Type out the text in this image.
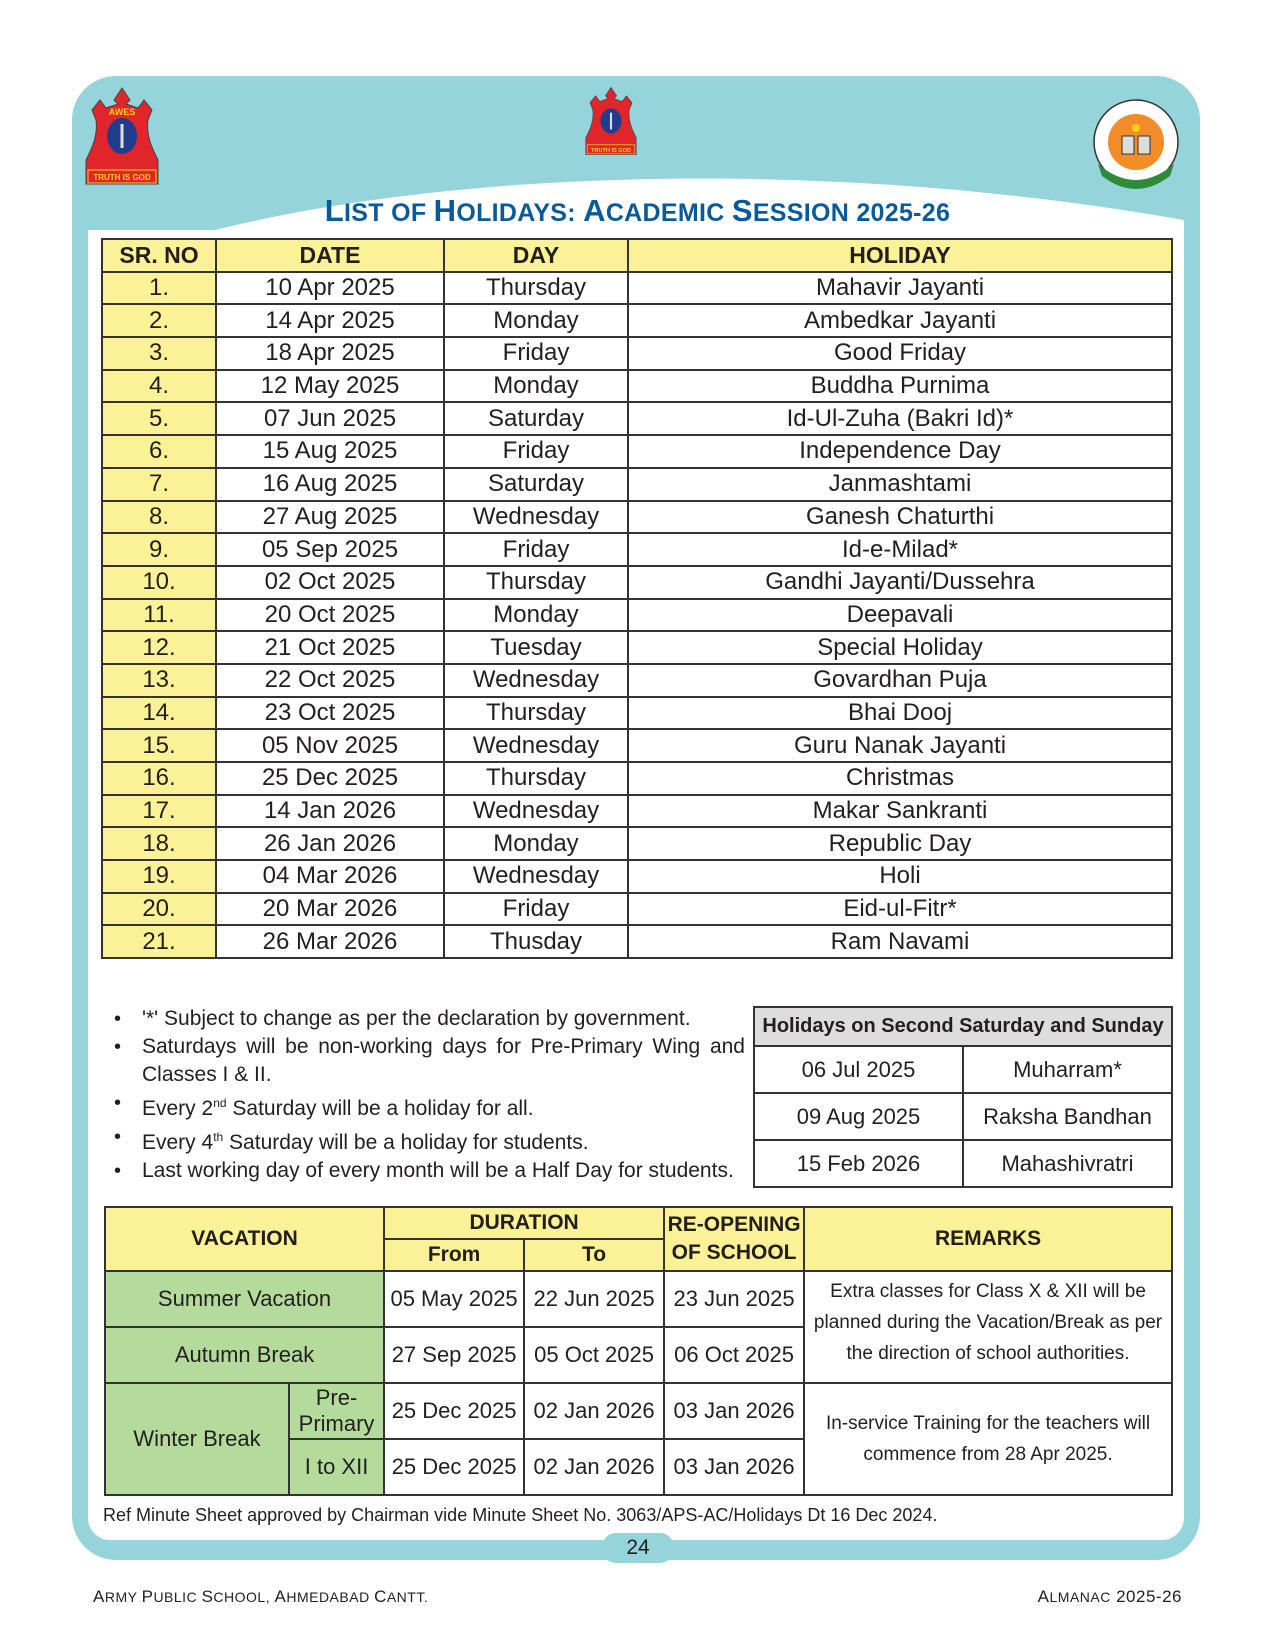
TRUTH IS GOD
AWES
TRUTH IS GOD
LIST OF HOLIDAYS: ACADEMIC SESSION 2025-26
SR. NO	DATE	DAY	HOLIDAY
1.	10 Apr 2025	Thursday	Mahavir Jayanti
2.	14 Apr 2025	Monday	Ambedkar Jayanti
3.	18 Apr 2025	Friday	Good Friday
4.	12 May 2025	Monday	Buddha Purnima
5.	07 Jun 2025	Saturday	Id-Ul-Zuha (Bakri Id)*
6.	15 Aug 2025	Friday	Independence Day
7.	16 Aug 2025	Saturday	Janmashtami
8.	27 Aug 2025	Wednesday	Ganesh Chaturthi
9.	05 Sep 2025	Friday	Id-e-Milad*
10.	02 Oct 2025	Thursday	Gandhi Jayanti/Dussehra
11.	20 Oct 2025	Monday	Deepavali
12.	21 Oct 2025	Tuesday	Special Holiday
13.	22 Oct 2025	Wednesday	Govardhan Puja
14.	23 Oct 2025	Thursday	Bhai Dooj
15.	05 Nov 2025	Wednesday	Guru Nanak Jayanti
16.	25 Dec 2025	Thursday	Christmas
17.	14 Jan 2026	Wednesday	Makar Sankranti
18.	26 Jan 2026	Monday	Republic Day
19.	04 Mar 2026	Wednesday	Holi
20.	20 Mar 2026	Friday	Eid-ul-Fitr*
21.	26 Mar 2026	Thusday	Ram Navami
• '*' Subject to change as per the declaration by government.
• Saturdays will be non-working days for Pre-Primary Wing and Classes I & II.
• Every 2nd Saturday will be a holiday for all.
• Every 4th Saturday will be a holiday for students.
• Last working day of every month will be a Half Day for students.
Holidays on Second Saturday and Sunday	
06 Jul 2025	Muharram*
09 Aug 2025	Raksha Bandhan
15 Feb 2026	Mahashivratri
VACATION		DURATION		RE-OPENING OF SCHOOL	REMARKS
		From	To		
Summer Vacation		05 May 2025	22 Jun 2025	23 Jun 2025	Extra classes for Class X & XII will be planned during the Vacation/Break as per the direction of school authorities.
Autumn Break		27 Sep 2025	05 Oct 2025	06 Oct 2025	
Winter Break	Pre-Primary	25 Dec 2025	02 Jan 2026	03 Jan 2026	In-service Training for the teachers will commence from 28 Apr 2025.
	I to XII	25 Dec 2025	02 Jan 2026	03 Jan 2026	
Ref Minute Sheet approved by Chairman vide Minute Sheet No. 3063/APS-AC/Holidays Dt 16 Dec 2024.
24
ARMY PUBLIC SCHOOL, AHMEDABAD CANTT.	ALMANAC 2025-26
